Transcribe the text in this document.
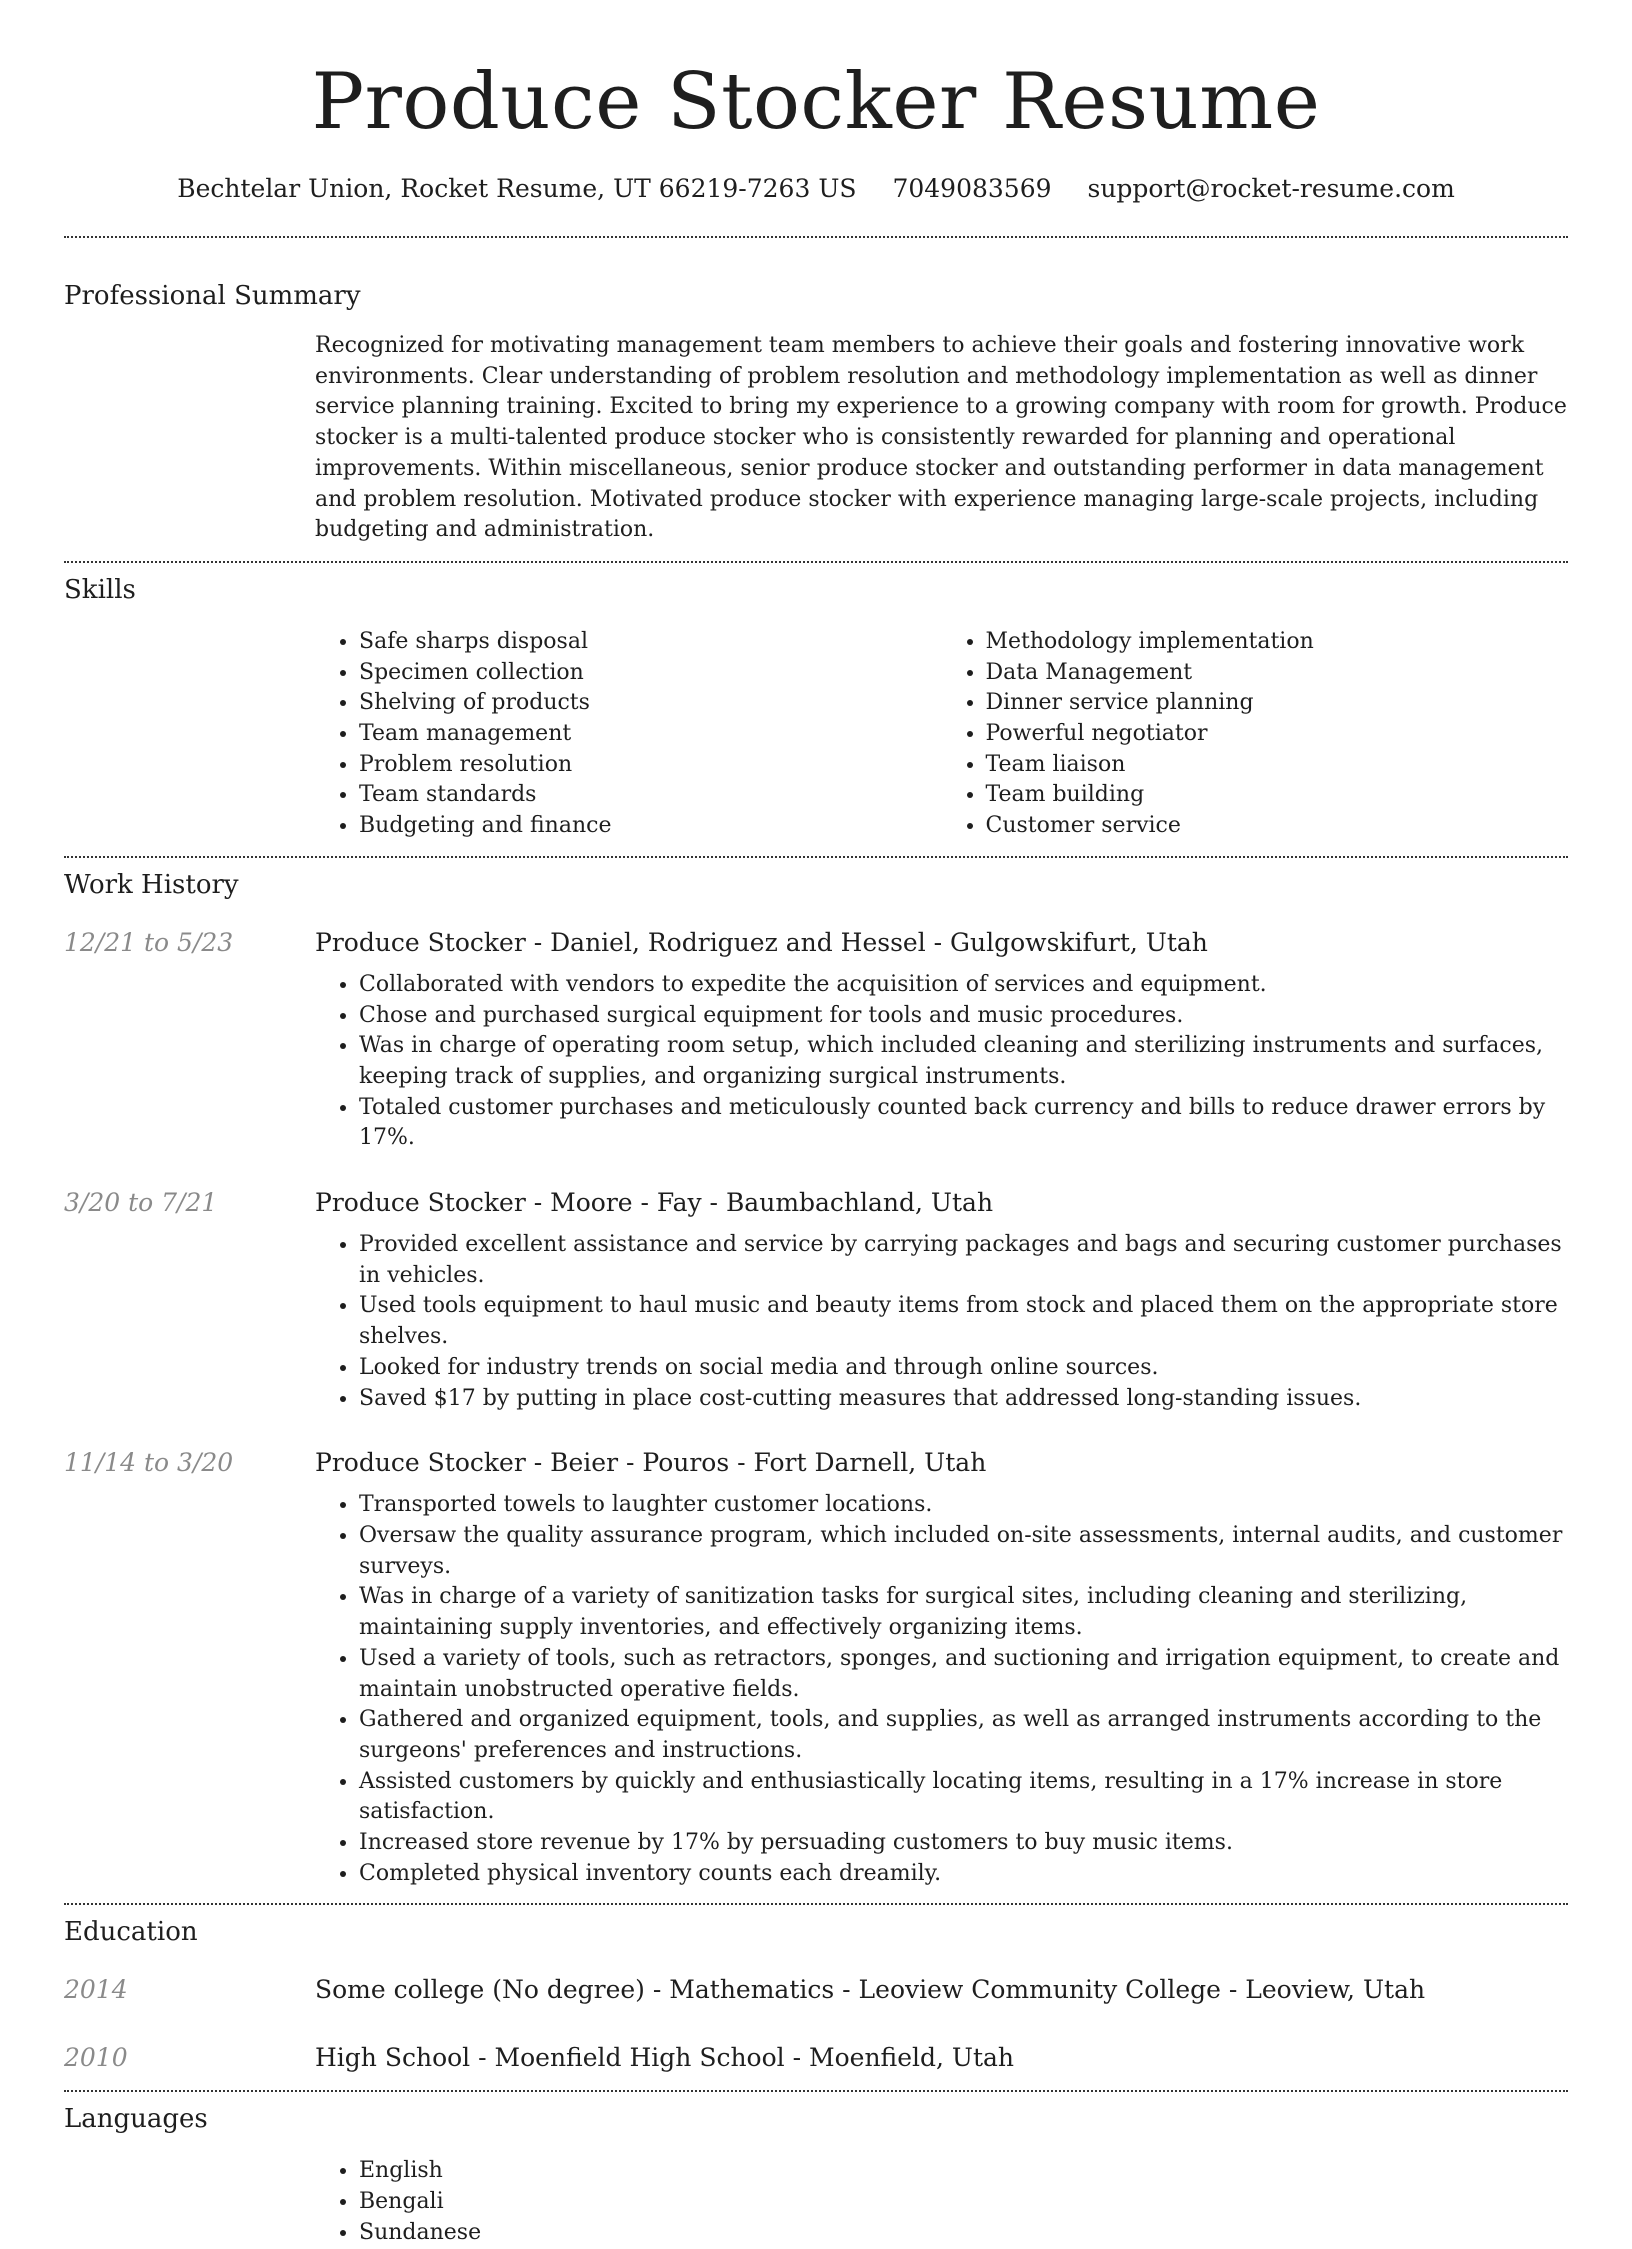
Produce Stocker Resume
Bechtelar Union, Rocket Resume, UT 66219-7263 US 7049083569 support@rocket-resume.com
Professional Summary

Recognized for motivating management team members to achieve their goals and fostering innovative work environments. Clear understanding of problem resolution and methodology implementation as well as dinner service planning training. Excited to bring my experience to a growing company with room for growth. Produce stocker is a multi-talented produce stocker who is consistently rewarded for planning and operational improvements. Within miscellaneous, senior produce stocker and outstanding performer in data management and problem resolution. Motivated produce stocker with experience managing large-scale projects, including budgeting and administration.

Skills
• Safe sharps disposal
• Specimen collection
• Shelving of products
• Team management
• Problem resolution
• Team standards
• Budgeting and finance
• Methodology implementation
• Data Management
• Dinner service planning
• Powerful negotiator
• Team liaison
• Team building
• Customer service
Work History
12/21 to 5/23	Produce Stocker - Daniel, Rodriguez and Hessel - Gulgowskifurt, Utah
• Collaborated with vendors to expedite the acquisition of services and equipment.
• Chose and purchased surgical equipment for tools and music procedures.
• Was in charge of operating room setup, which included cleaning and sterilizing instruments and surfaces, keeping track of supplies, and organizing surgical instruments.
• Totaled customer purchases and meticulously counted back currency and bills to reduce drawer errors by 17%.
3/20 to 7/21	Produce Stocker - Moore - Fay - Baumbachland, Utah
• Provided excellent assistance and service by carrying packages and bags and securing customer purchases in vehicles.
• Used tools equipment to haul music and beauty items from stock and placed them on the appropriate store shelves.
• Looked for industry trends on social media and through online sources.
• Saved $17 by putting in place cost-cutting measures that addressed long-standing issues.
11/14 to 3/20	Produce Stocker - Beier - Pouros - Fort Darnell, Utah
• Transported towels to laughter customer locations.
• Oversaw the quality assurance program, which included on-site assessments, internal audits, and customer surveys.
• Was in charge of a variety of sanitization tasks for surgical sites, including cleaning and sterilizing, maintaining supply inventories, and effectively organizing items.
• Used a variety of tools, such as retractors, sponges, and suctioning and irrigation equipment, to create and maintain unobstructed operative fields.
• Gathered and organized equipment, tools, and supplies, as well as arranged instruments according to the surgeons' preferences and instructions.
• Assisted customers by quickly and enthusiastically locating items, resulting in a 17% increase in store satisfaction.
• Increased store revenue by 17% by persuading customers to buy music items.
• Completed physical inventory counts each dreamily.
Education
2014	Some college (No degree) - Mathematics - Leoview Community College - Leoview, Utah
2010	High School - Moenfield High School - Moenfield, Utah
Languages
• English
• Bengali
• Sundanese
